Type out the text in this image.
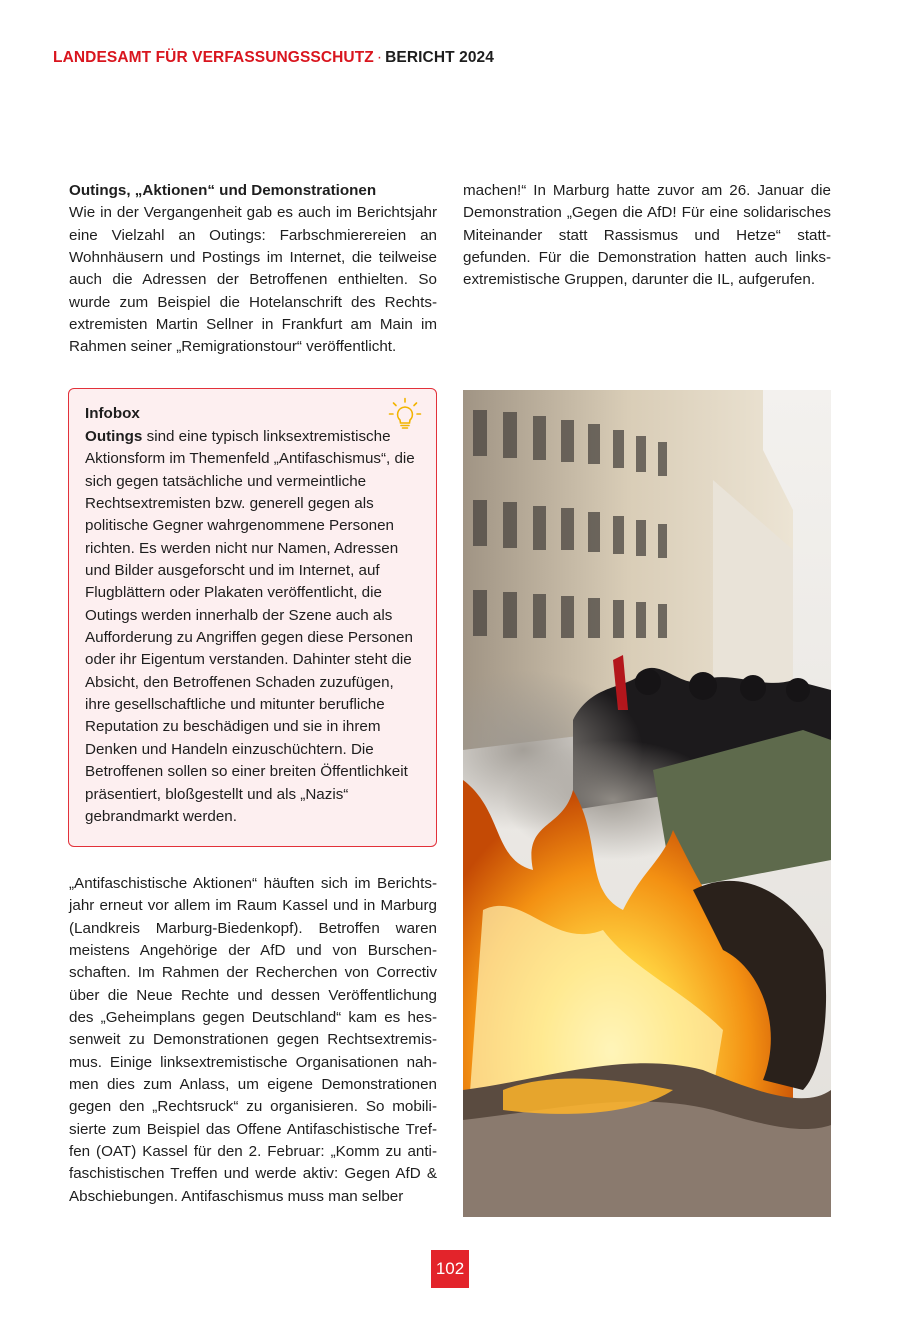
LANDESAMT FÜR VERFASSUNGSSCHUTZ · BERICHT 2024

Outings, „Aktionen“ und Demonstrationen

Wie in der Vergangenheit gab es auch im Berichtsjahr eine Vielzahl an Outings: Farbschmierereien an Wohnhäusern und Postings im Internet, die teilweise auch die Adressen der Betroffenen enthielten. So wurde zum Beispiel die Hotelanschrift des Rechtsextremisten Martin Sellner in Frankfurt am Main im Rahmen seiner „Remigrationstour“ veröffentlicht.

Infobox

Outings sind eine typisch linksextremistische Aktionsform im Themenfeld „Antifaschismus“, die sich gegen tatsächliche und vermeintliche Rechtsextremisten bzw. generell gegen als politische Gegner wahrgenommene Personen richten. Es werden nicht nur Namen, Adressen und Bilder ausgeforscht und im Internet, auf Flugblättern oder Plakaten veröffentlicht, die Outings werden innerhalb der Szene auch als Aufforderung zu Angriffen gegen diese Personen oder ihr Eigentum verstanden. Dahinter steht die Absicht, den Betroffenen Schaden zuzufügen, ihre gesellschaftliche und mitunter berufliche Reputation zu beschädigen und sie in ihrem Denken und Handeln einzuschüchtern. Die Betroffenen sollen so einer breiten Öffentlichkeit präsentiert, bloßgestellt und als „Nazis“ gebrandmarkt werden.

„Antifaschistische Aktionen“ häuften sich im Berichtsjahr erneut vor allem im Raum Kassel und in Marburg (Landkreis Marburg-Biedenkopf). Betroffen waren meistens Angehörige der AfD und von Burschenschaften. Im Rahmen der Recherchen von Correctiv über die Neue Rechte und dessen Veröffentlichung des „Geheimplans gegen Deutschland“ kam es hessenweit zu Demonstrationen gegen Rechtsextremismus. Einige linksextremistische Organisationen nahmen dies zum Anlass, um eigene Demonstrationen gegen den „Rechtsruck“ zu organisieren. So mobilisierte zum Beispiel das Offene Antifaschistische Treffen (OAT) Kassel für den 2. Februar: „Komm zu antifaschistischen Treffen und werde aktiv: Gegen AfD & Abschiebungen. Antifaschismus muss man selber

machen!“ In Marburg hatte zuvor am 26. Januar die Demonstration „Gegen die AfD! Für eine solidarisches Miteinander statt Rassismus und Hetze“ stattgefunden. Für die Demonstration hatten auch linksextremistische Gruppen, darunter die IL, aufgerufen.

102
